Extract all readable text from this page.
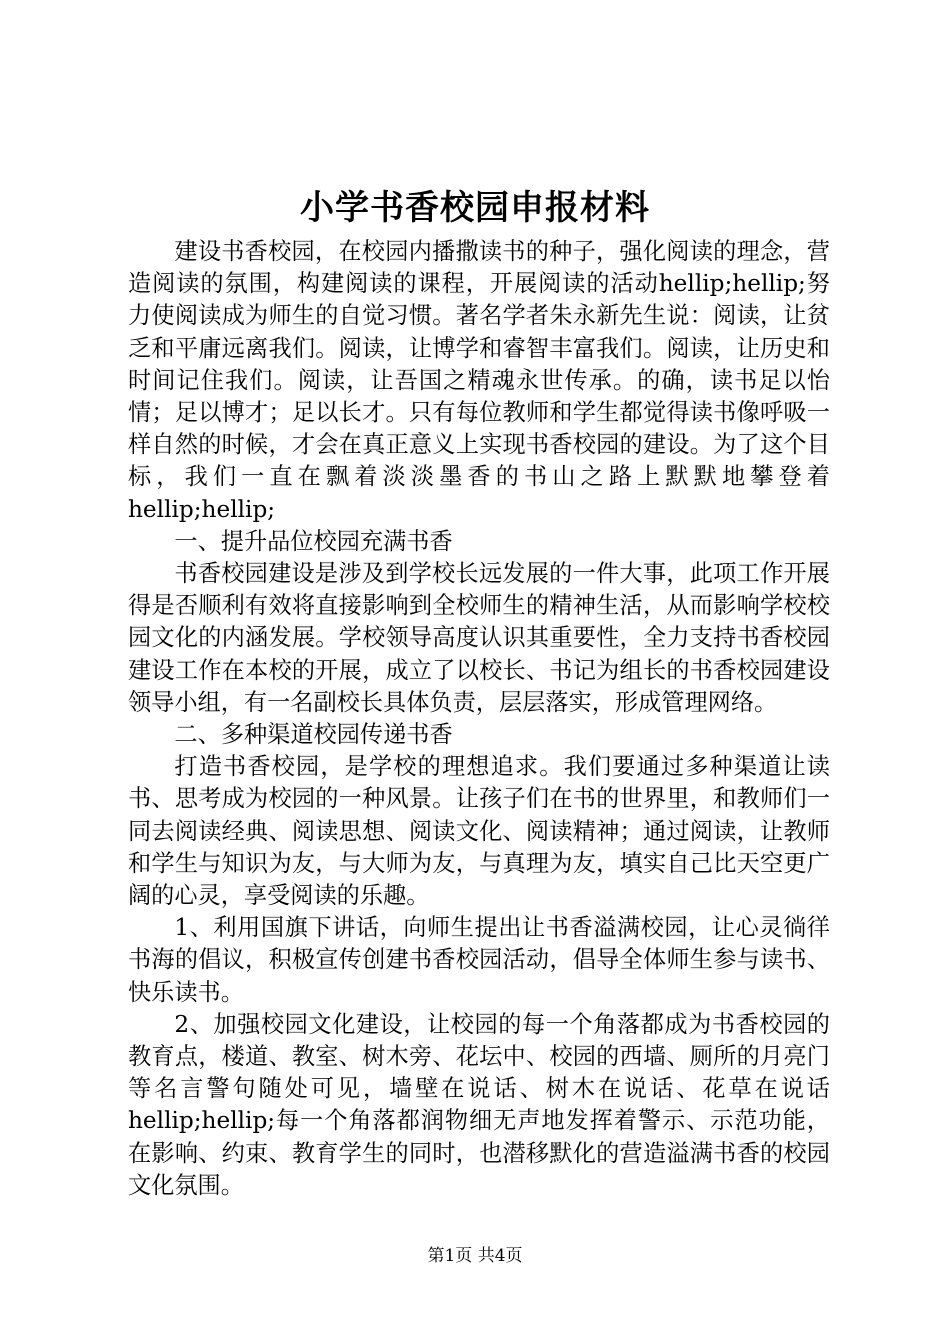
小学书香校园申报材料

建设书香校园，在校园内播撒读书的种子，强化阅读的理念，营造阅读的氛围，构建阅读的课程，开展阅读的活动hellip;hellip;努力使阅读成为师生的自觉习惯。著名学者朱永新先生说：阅读，让贫乏和平庸远离我们。阅读，让博学和睿智丰富我们。阅读，让历史和时间记住我们。阅读，让吾国之精魂永世传承。的确，读书足以怡情；足以博才；足以长才。只有每位教师和学生都觉得读书像呼吸一样自然的时候，才会在真正意义上实现书香校园的建设。为了这个目标，我们一直在飘着淡淡墨香的书山之路上默默地攀登着hellip;hellip;

一、提升品位校园充满书香

书香校园建设是涉及到学校长远发展的一件大事，此项工作开展得是否顺利有效将直接影响到全校师生的精神生活，从而影响学校校园文化的内涵发展。学校领导高度认识其重要性，全力支持书香校园建设工作在本校的开展，成立了以校长、书记为组长的书香校园建设领导小组，有一名副校长具体负责，层层落实，形成管理网络。

二、多种渠道校园传递书香

打造书香校园，是学校的理想追求。我们要通过多种渠道让读书、思考成为校园的一种风景。让孩子们在书的世界里，和教师们一同去阅读经典、阅读思想、阅读文化、阅读精神；通过阅读，让教师和学生与知识为友，与大师为友，与真理为友，填实自己比天空更广阔的心灵，享受阅读的乐趣。

1、利用国旗下讲话，向师生提出让书香溢满校园，让心灵徜徉书海的倡议，积极宣传创建书香校园活动，倡导全体师生参与读书、快乐读书。

2、加强校园文化建设，让校园的每一个角落都成为书香校园的教育点，楼道、教室、树木旁、花坛中、校园的西墙、厕所的月亮门等名言警句随处可见，墙壁在说话、树木在说话、花草在说话hellip;hellip;每一个角落都润物细无声地发挥着警示、示范功能，在影响、约束、教育学生的同时，也潜移默化的营造溢满书香的校园文化氛围。

第1页 共4页
